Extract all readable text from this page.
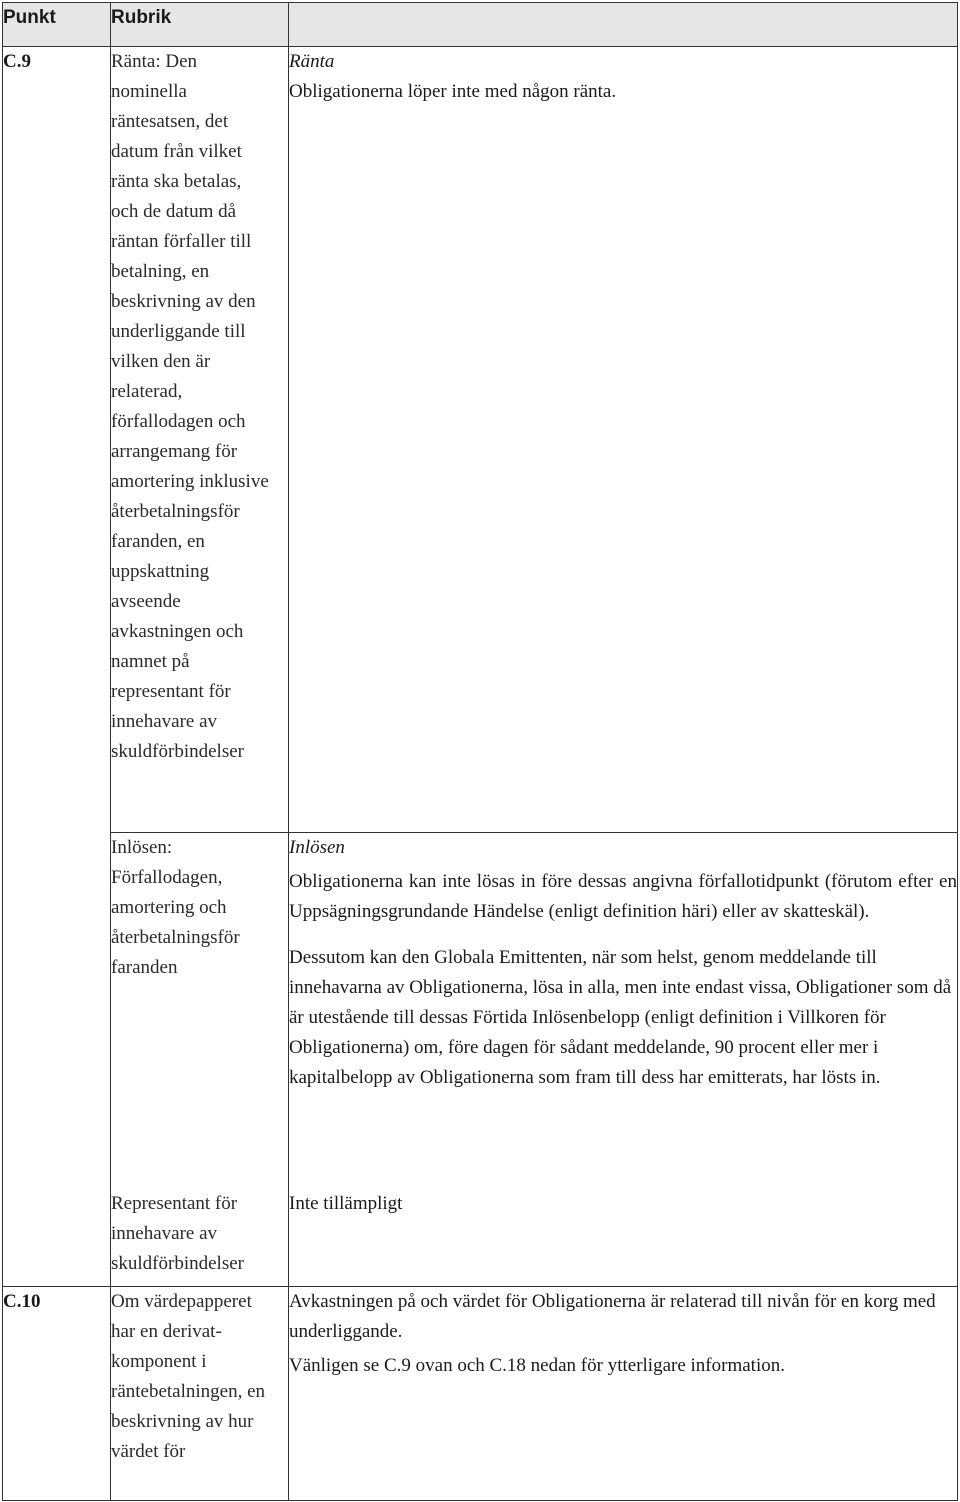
Punkt	Rubrik	
C.9	Ränta: Den nominella räntesatsen, det datum från vilket ränta ska betalas, och de datum då räntan förfaller till betalning, en beskrivning av den underliggande till vilken den är relaterad, förfallodagen och arrangemang för amortering inklusive återbetalningsför faranden, en uppskattning avseende avkastningen och namnet på representant för innehavare av skuldförbindelser	Ränta

Obligationerna löper inte med någon ränta.

	Inlösen: Förfallodagen, amortering och återbetalningsför faranden	Inlösen

Obligationerna kan inte lösas in före dessas angivna förfallotidpunkt (förutom efter en Uppsägningsgrundande Händelse (enligt definition häri) eller av skatteskäl).

Dessutom kan den Globala Emittenten, när som helst, genom meddelande till innehavarna av Obligationerna, lösa in alla, men inte endast vissa, Obligationer som då är utestående till dessas Förtida Inlösenbelopp (enligt definition i Villkoren för Obligationerna) om, före dagen för sådant meddelande, 90 procent eller mer i kapitalbelopp av Obligationerna som fram till dess har emitterats, har lösts in.

	Representant för innehavare av skuldförbindelser	Inte tillämpligt

C.10	Om värdepapperet har en derivat-komponent i räntebetalningen, en beskrivning av hur värdet för	Avkastningen på och värdet för Obligationerna är relaterad till nivån för en korg med underliggande.

Vänligen se C.9 ovan och C.18 nedan för ytterligare information.
